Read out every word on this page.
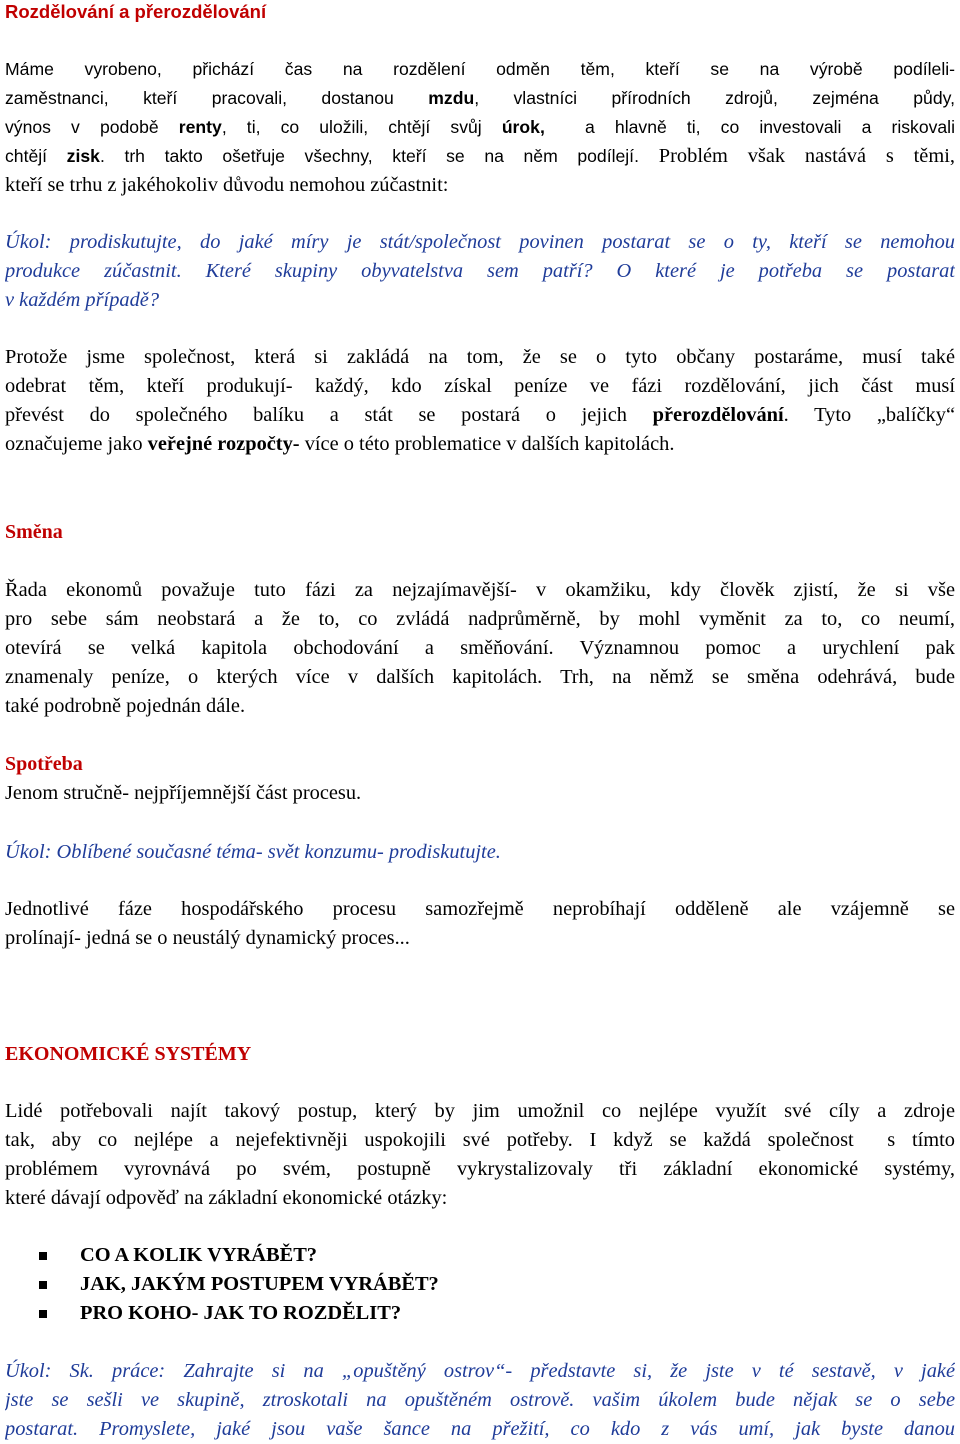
Rozdělování a přerozdělování

Máme vyrobeno, přichází čas na rozdělení odměn těm, kteří se na výrobě podíleli-
zaměstnanci, kteří pracovali, dostanou mzdu, vlastníci přírodních zdrojů, zejména půdy,
výnos v podobě renty, ti, co uložili, chtějí svůj úrok,  a hlavně ti, co investovali a riskovali
chtějí zisk. trh takto ošetřuje všechny, kteří se na něm podílejí. Problém však nastává s těmi,
kteří se trhu z jakéhokoliv důvodu nemohou zúčastnit:

Úkol: prodiskutujte, do jaké míry je stát/společnost povinen postarat se o ty, kteří se nemohou
produkce zúčastnit. Které skupiny obyvatelstva sem patří? O které je potřeba se postarat
v každém případě?

Protože jsme společnost, která si zakládá na tom, že se o tyto občany postaráme, musí také
odebrat těm, kteří produkují- každý, kdo získal peníze ve fázi rozdělování, jich část musí
převést do společného balíku a stát se postará o jejich přerozdělování. Tyto „balíčky“
označujeme jako veřejné rozpočty- více o této problematice v dalších kapitolách.

Směna

Řada ekonomů považuje tuto fázi za nejzajímavější- v okamžiku, kdy člověk zjistí, že si vše
pro sebe sám neobstará a že to, co zvládá nadprůměrně, by mohl vyměnit za to, co neumí,
otevírá se velká kapitola obchodování a směňování. Významnou pomoc a urychlení pak
znamenaly peníze, o kterých více v dalších kapitolách. Trh, na němž se směna odehrává, bude
také podrobně pojednán dále.

Spotřeba

Jenom stručně- nejpříjemnější část procesu.

Úkol: Oblíbené současné téma- svět konzumu- prodiskutujte.

Jednotlivé fáze hospodářského procesu samozřejmě neprobíhají odděleně ale vzájemně se
prolínají- jedná se o neustálý dynamický proces...

EKONOMICKÉ SYSTÉMY

Lidé potřebovali najít takový postup, který by jim umožnil co nejlépe využít své cíly a zdroje
tak, aby co nejlépe a nejefektivněji uspokojili své potřeby. I když se každá společnost  s tímto
problémem vyrovnává po svém, postupně vykrystalizovaly tři základní ekonomické systémy,
které dávají odpověď na základní ekonomické otázky:

CO A KOLIK VYRÁBĚT?
JAK, JAKÝM POSTUPEM VYRÁBĚT?
PRO KOHO- JAK TO ROZDĚLIT?

Úkol: Sk. práce: Zahrajte si na „opuštěný ostrov“- představte si, že jste v té sestavě, v jaké
jste se sešli ve skupině, ztroskotali na opuštěném ostrově. vašim úkolem bude nějak se o sebe
postarat. Promyslete, jaké jsou vaše šance na přežití, co kdo z vás umí, jak byste danou
